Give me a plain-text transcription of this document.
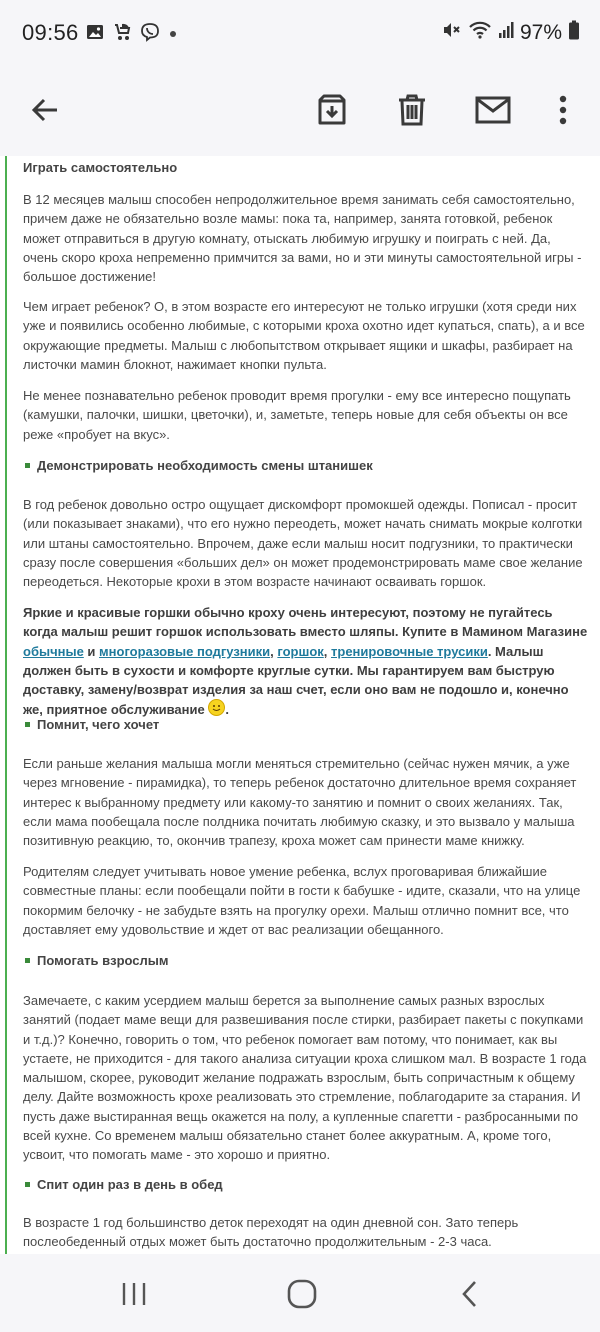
09:56	97%
Играть самостоятельно
В 12 месяцев малыш способен непродолжительное время занимать себя самостоятельно, причем даже не обязательно возле мамы: пока та, например, занята готовкой, ребенок может отправиться в другую комнату, отыскать любимую игрушку и поиграть с ней. Да, очень скоро кроха непременно примчится за вами, но и эти минуты самостоятельной игры - большое достижение!
Чем играет ребенок? О, в этом возрасте его интересуют не только игрушки (хотя среди них уже и появились особенно любимые, с которыми кроха охотно идет купаться, спать), а и все окружающие предметы. Малыш с любопытством открывает ящики и шкафы, разбирает на листочки мамин блокнот, нажимает кнопки пульта.
Не менее познавательно ребенок проводит время прогулки - ему все интересно пощупать (камушки, палочки, шишки, цветочки), и, заметьте, теперь новые для себя объекты он все реже «пробует на вкус».
Демонстрировать необходимость смены штанишек
В год ребенок довольно остро ощущает дискомфорт промокшей одежды. Пописал - просит (или показывает знаками), что его нужно переодеть, может начать снимать мокрые колготки или штаны самостоятельно. Впрочем, даже если малыш носит подгузники, то практически сразу после совершения «больших дел» он может продемонстрировать маме свое желание переодеться. Некоторые крохи в этом возрасте начинают осваивать горшок.
Яркие и красивые горшки обычно кроху очень интересуют, поэтому не пугайтесь когда малыш решит горшок использовать вместо шляпы. Купите в Мамином Магазине обычные и многоразовые подгузники, горшок, тренировочные трусики. Малыш должен быть в сухости и комфорте круглые сутки. Мы гарантируем вам быструю доставку, замену/возврат изделия за наш счет, если оно вам не подошло и, конечно же, приятное обслуживание
.
Помнит, чего хочет
Если раньше желания малыша могли меняться стремительно (сейчас нужен мячик, а уже через мгновение - пирамидка), то теперь ребенок достаточно длительное время сохраняет интерес к выбранному предмету или какому-то занятию и помнит о своих желаниях. Так, если мама пообещала после полдника почитать любимую сказку, и это вызвало у малыша позитивную реакцию, то, окончив трапезу, кроха может сам принести маме книжку.
Родителям следует учитывать новое умение ребенка, вслух проговаривая ближайшие совместные планы: если пообещали пойти в гости к бабушке - идите, сказали, что на улице покормим белочку - не забудьте взять на прогулку орехи. Малыш отлично помнит все, что доставляет ему удовольствие и ждет от вас реализации обещанного.
Помогать взрослым
Замечаете, с каким усердием малыш берется за выполнение самых разных взрослых занятий (подает маме вещи для развешивания после стирки, разбирает пакеты с покупками и т.д.)? Конечно, говорить о том, что ребенок помогает вам потому, что понимает, как вы устаете, не приходится - для такого анализа ситуации кроха слишком мал. В возрасте 1 года малышом, скорее, руководит желание подражать взрослым, быть сопричастным к общему делу. Дайте возможность крохе реализовать это стремление, поблагодарите за старания. И пусть даже выстиранная вещь окажется на полу, а купленные спагетти - разбросанными по всей кухне. Со временем малыш обязательно станет более аккуратным. А, кроме того, усвоит, что помогать маме - это хорошо и приятно.
Спит один раз в день в обед
В возрасте 1 год большинство деток переходят на один дневной сон. Зато теперь послеобеденный отдых может быть достаточно продолжительным - 2-3 часа.
